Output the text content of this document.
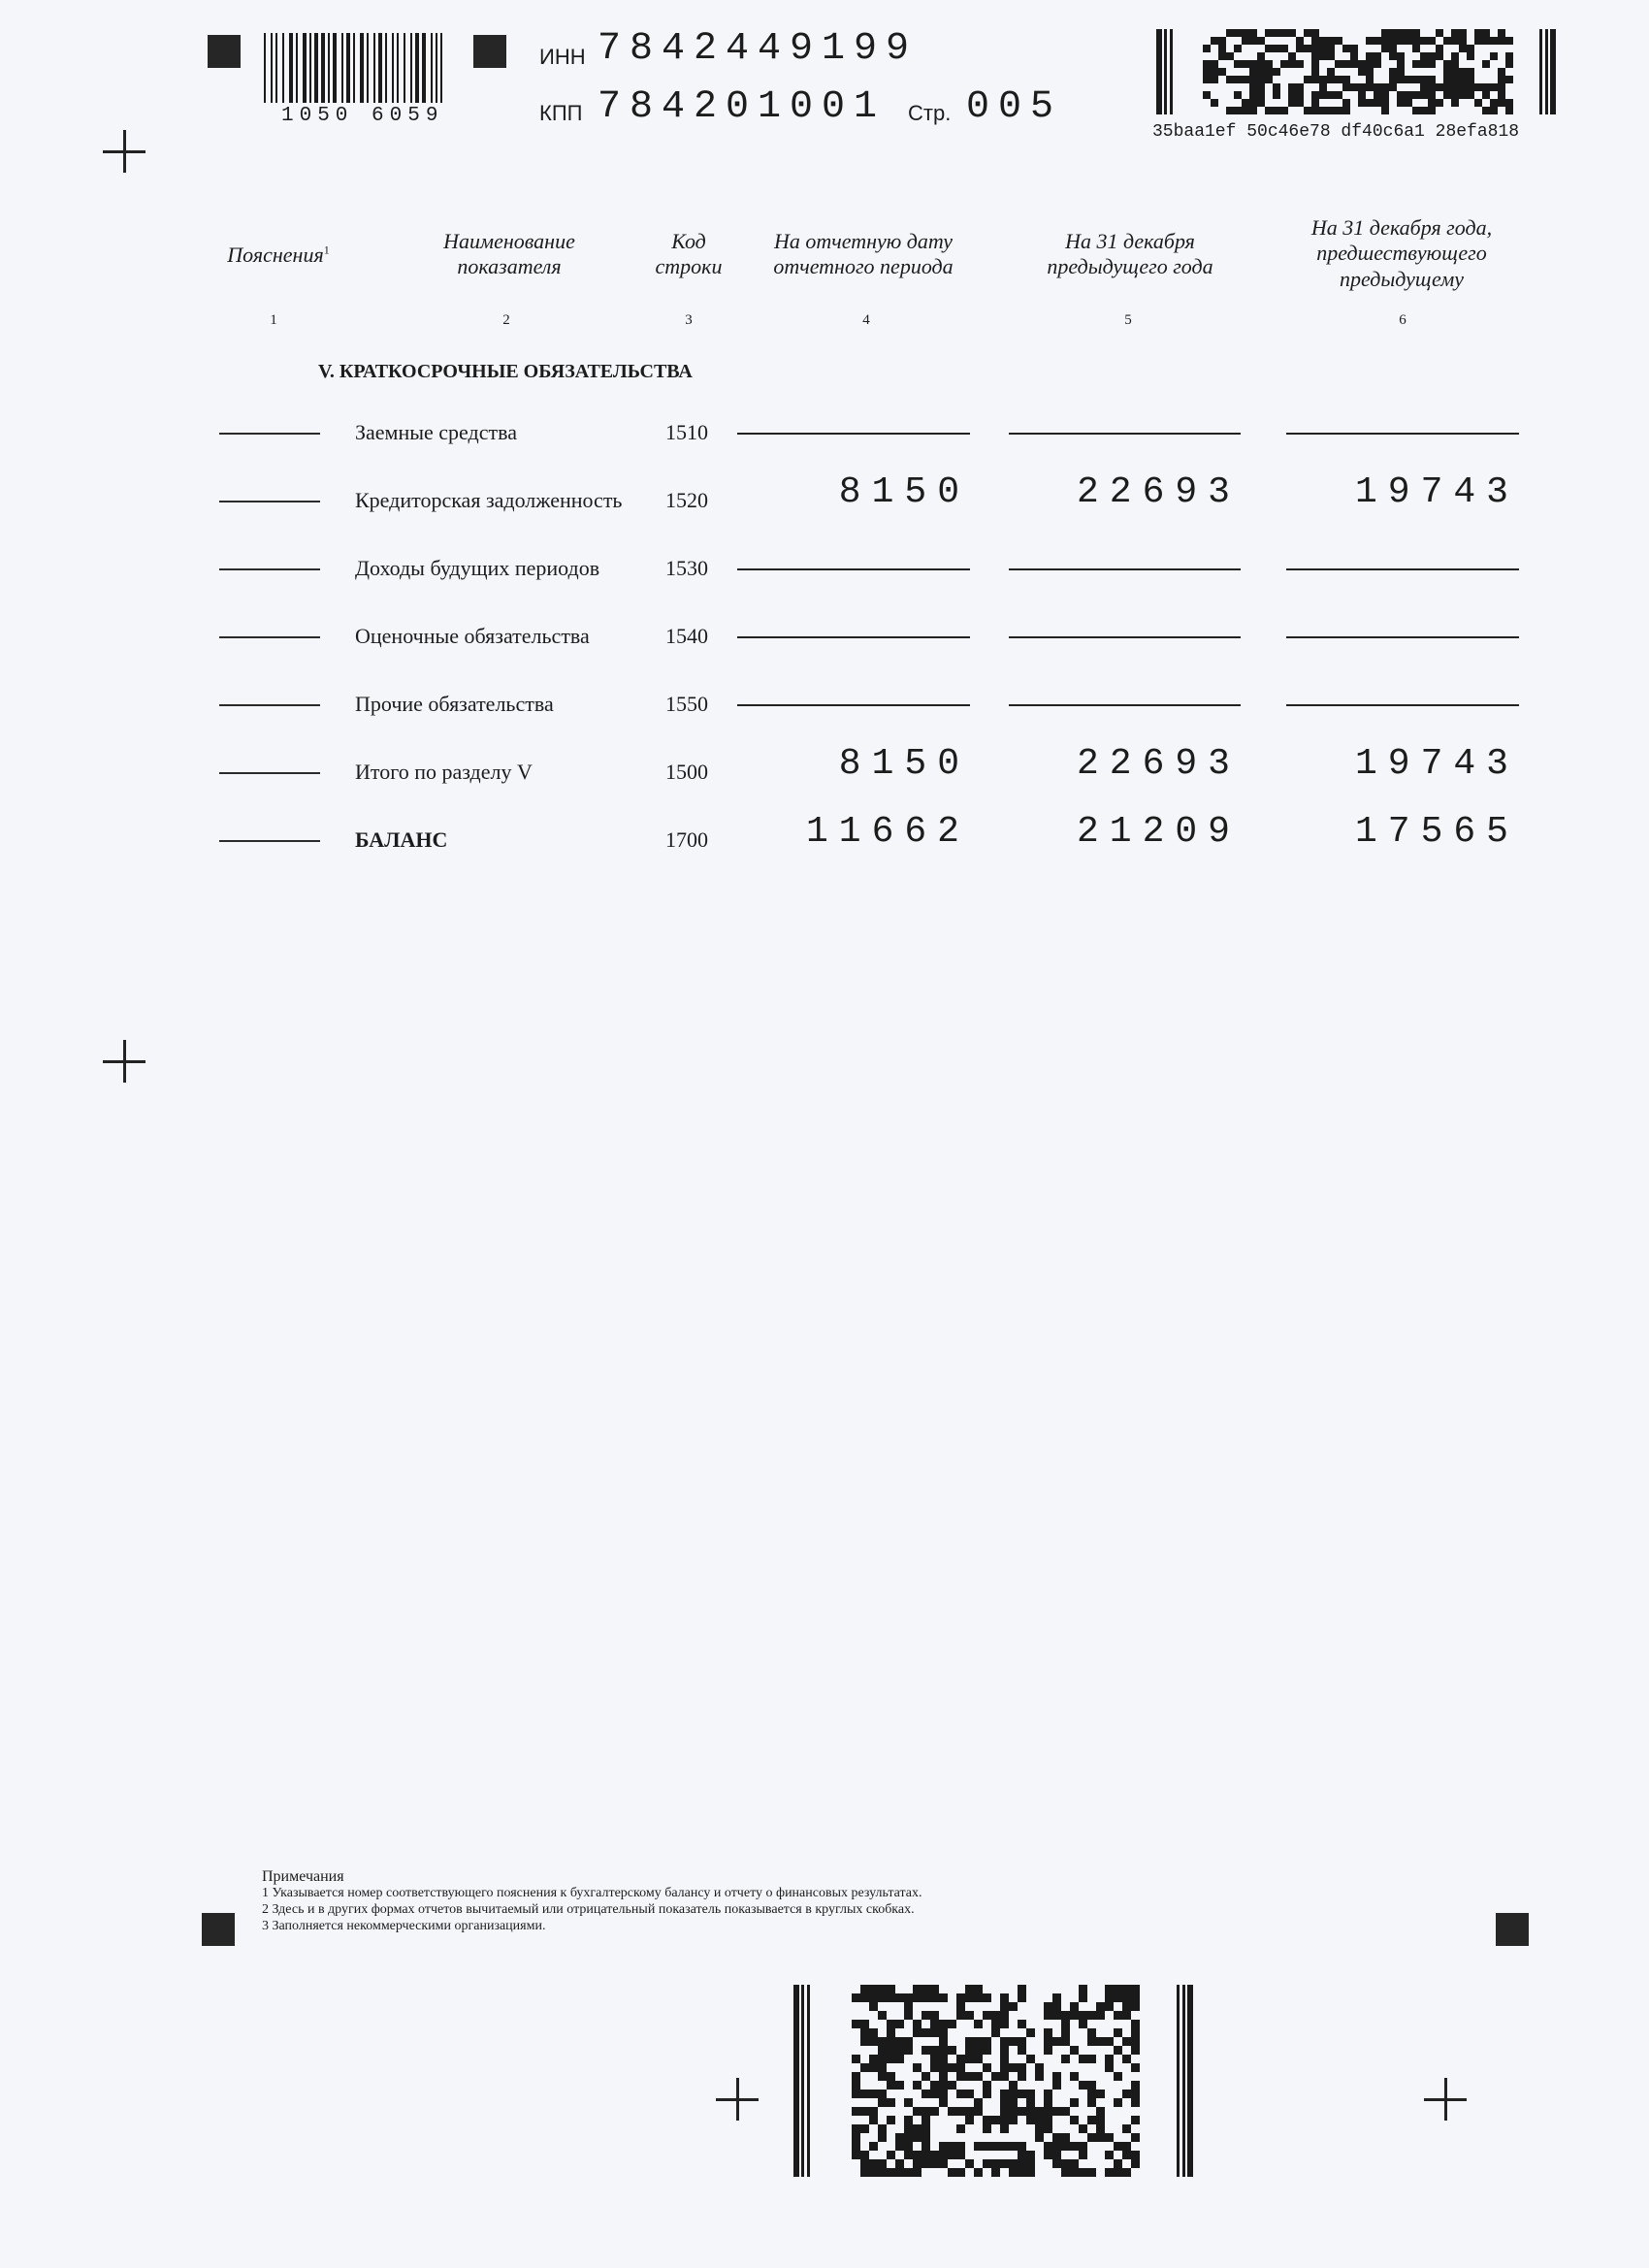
1050 6059
ИНН 7842449199
КПП 784201001 Стр. 005
35baa1ef 50c46e78 df40c6a1 28efa818
Пояснения$^1$	Наименование показателя
Код строки
На отчетную дату отчетного периода
На 31 декабря предыдущего года
На 31 декабря года, предшествующего предыдущему
1	2	3	4	5	6
V. КРАТКОСРОЧНЫЕ ОБЯЗАТЕЛЬСТВА
Заемные средства	1510
Кредиторская задолженность 1520	8150	22693	19743
Доходы будущих периодов	1530
Оценочные обязательства	1540
Прочие обязательства	1550
Итого по разделу V	1500	8150	22693	19743
БАЛАНС	1700	11662	21209	17565
Примечания
1 Указывается номер соответствующего пояснения к бухгалтерскому балансу и отчету о финансовых результатах.
2 Здесь и в других формах отчетов вычитаемый или отрицательный показатель показывается в круглых скобках.
3 Заполняется некоммерческими организациями.
